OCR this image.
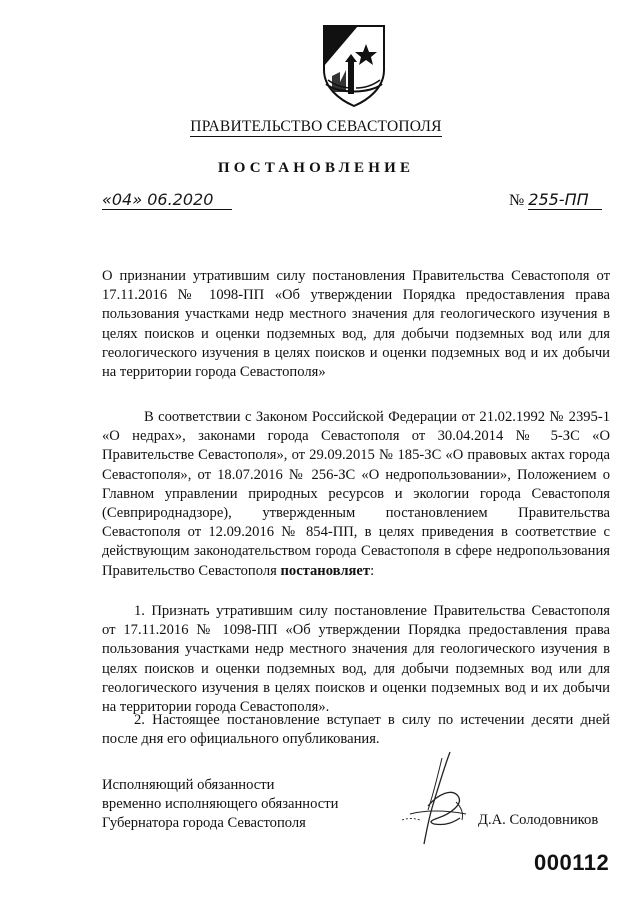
ПРАВИТЕЛЬСТВО СЕВАСТОПОЛЯ
ПОСТАНОВЛЕНИЕ
«04» 06.2020	№ 255-ПП
О признании утратившим силу постановления Правительства Севастополя от 17.11.2016 № 1098-ПП «Об утверждении Порядка предоставления права пользования участками недр местного значения для геологического изучения в целях поисков и оценки подземных вод, для добычи подземных вод или для геологического изучения в целях поисков и оценки подземных вод и их добычи на территории города Севастополя»
В соответствии с Законом Российской Федерации от 21.02.1992 № 2395-1 «О недрах», законами города Севастополя от 30.04.2014 № 5-ЗС «О Правительстве Севастополя», от 29.09.2015 № 185-ЗС «О правовых актах города Севастополя», от 18.07.2016 № 256-ЗС «О недропользовании», Положением о Главном управлении природных ресурсов и экологии города Севастополя (Севприроднадзоре), утвержденным постановлением Правительства Севастополя от 12.09.2016 № 854-ПП, в целях приведения в соответствие с действующим законодательством города Севастополя в сфере недропользования Правительство Севастополя постановляет:
1. Признать утратившим силу постановление Правительства Севастополя от 17.11.2016 № 1098-ПП «Об утверждении Порядка предоставления права пользования участками недр местного значения для геологического изучения в целях поисков и оценки подземных вод, для добычи подземных вод или для геологического изучения в целях поисков и оценки подземных вод и их добычи на территории города Севастополя».
2. Настоящее постановление вступает в силу по истечении десяти дней после дня его официального опубликования.
Исполняющий обязанности
временно исполняющего обязанности
Губернатора города Севастополя	Д.А. Солодовников
000112
